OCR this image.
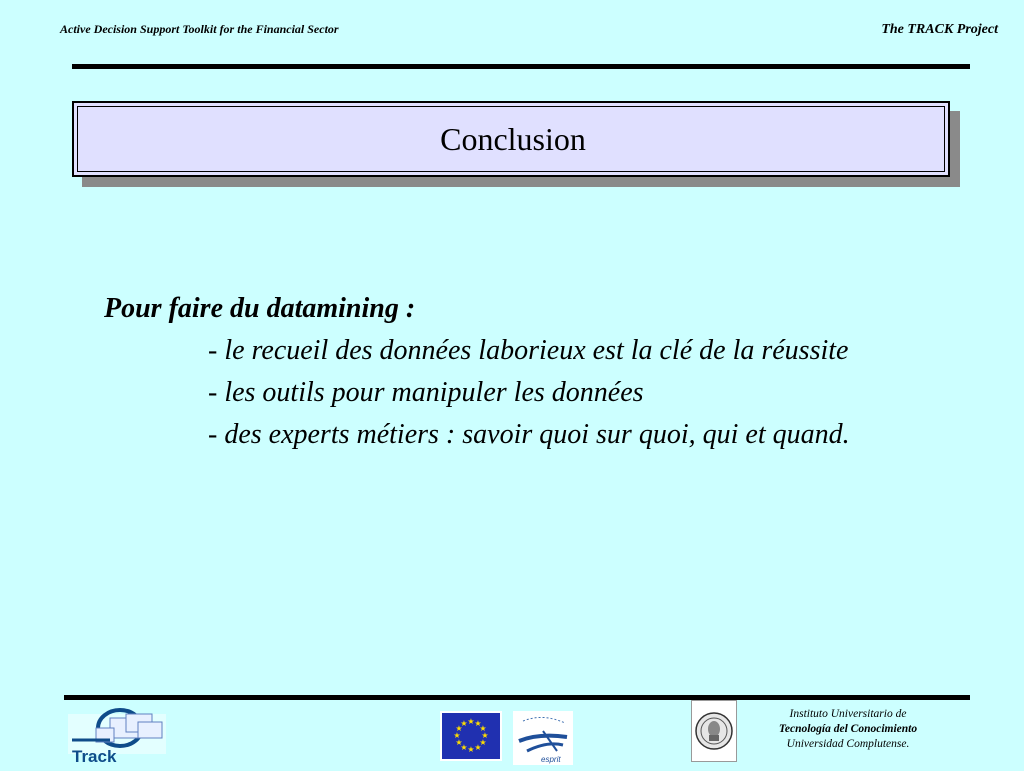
Active Decision Support Toolkit for the Financial Sector	The TRACK Project
Conclusion
Pour faire du datamining :
- le recueil des données laborieux est la clé de la réussite
- les outils pour manipuler les données
- des experts métiers : savoir quoi sur quoi, qui et quand.
Track
★ ★
★
★
★
★
★
★
★
★
★
★
esprit
Instituto Universitario de
Tecnología del Conocimiento
Universidad Complutense.
